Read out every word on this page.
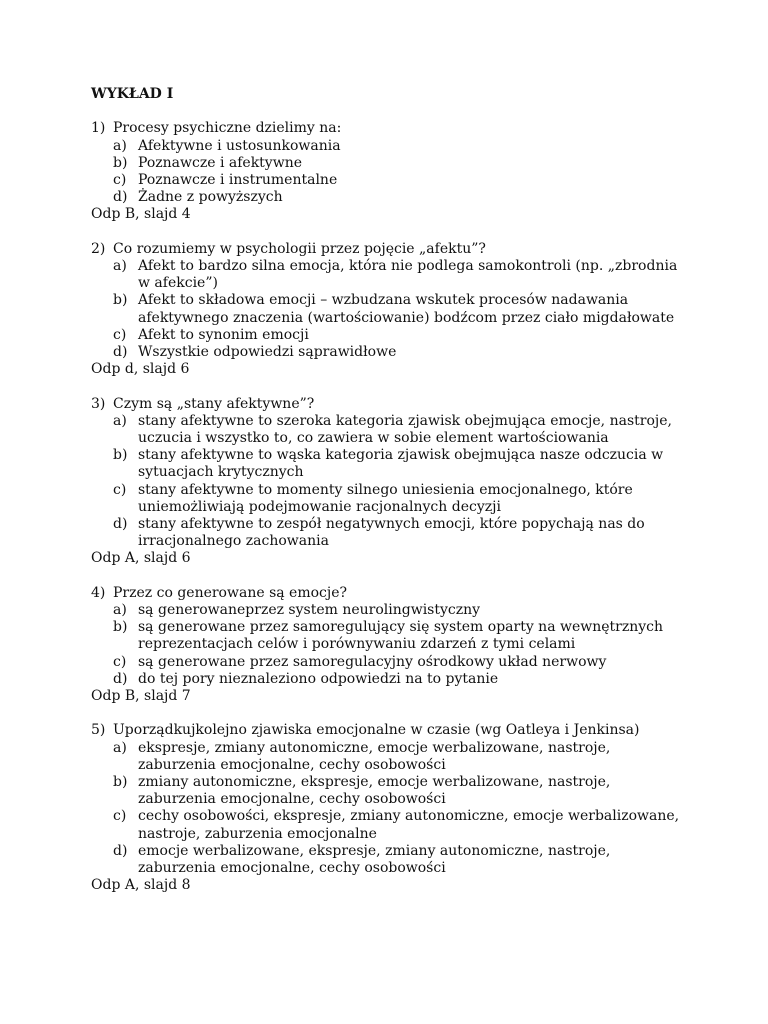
WYKŁAD I
1) Procesy psychiczne dzielimy na:
a) Afektywne i ustosunkowania
b) Poznawcze i afektywne
c) Poznawcze i instrumentalne
d) Żadne z powyższych
Odp B, slajd 4
2) Co rozumiemy w psychologii przez pojęcie „afektu”?
a) Afekt to bardzo silna emocja, która nie podlega samokontroli (np. „zbrodnia w afekcie”)
b) Afekt to składowa emocji – wzbudzana wskutek procesów nadawania afektywnego znaczenia (wartościowanie) bodźcom przez ciało migdałowate
c) Afekt to synonim emocji
d) Wszystkie odpowiedzi sąprawidłowe
Odp d, slajd 6
3) Czym są „stany afektywne”?
a) stany afektywne to szeroka kategoria zjawisk obejmująca emocje, nastroje, uczucia i wszystko to, co zawiera w sobie element wartościowania
b) stany afektywne to wąska kategoria zjawisk obejmująca nasze odczucia w sytuacjach krytycznych
c) stany afektywne to momenty silnego uniesienia emocjonalnego, które uniemożliwiają podejmowanie racjonalnych decyzji
d) stany afektywne to zespół negatywnych emocji, które popychają nas do irracjonalnego zachowania
Odp A, slajd 6
4) Przez co generowane są emocje?
a) są generowaneprzez system neurolingwistyczny
b) są generowane przez samoregulujący się system oparty na wewnętrznych reprezentacjach celów i porównywaniu zdarzeń z tymi celami
c) są generowane przez samoregulacyjny ośrodkowy układ nerwowy
d) do tej pory nieznaleziono odpowiedzi na to pytanie
Odp B, slajd 7
5) Uporządkujkolejno zjawiska emocjonalne w czasie (wg Oatleya i Jenkinsa)
a) ekspresje, zmiany autonomiczne, emocje werbalizowane, nastroje, zaburzenia emocjonalne, cechy osobowości
b) zmiany autonomiczne, ekspresje, emocje werbalizowane, nastroje, zaburzenia emocjonalne, cechy osobowości
c) cechy osobowości, ekspresje, zmiany autonomiczne, emocje werbalizowane, nastroje, zaburzenia emocjonalne
d) emocje werbalizowane, ekspresje, zmiany autonomiczne, nastroje, zaburzenia emocjonalne, cechy osobowości
Odp A, slajd 8
